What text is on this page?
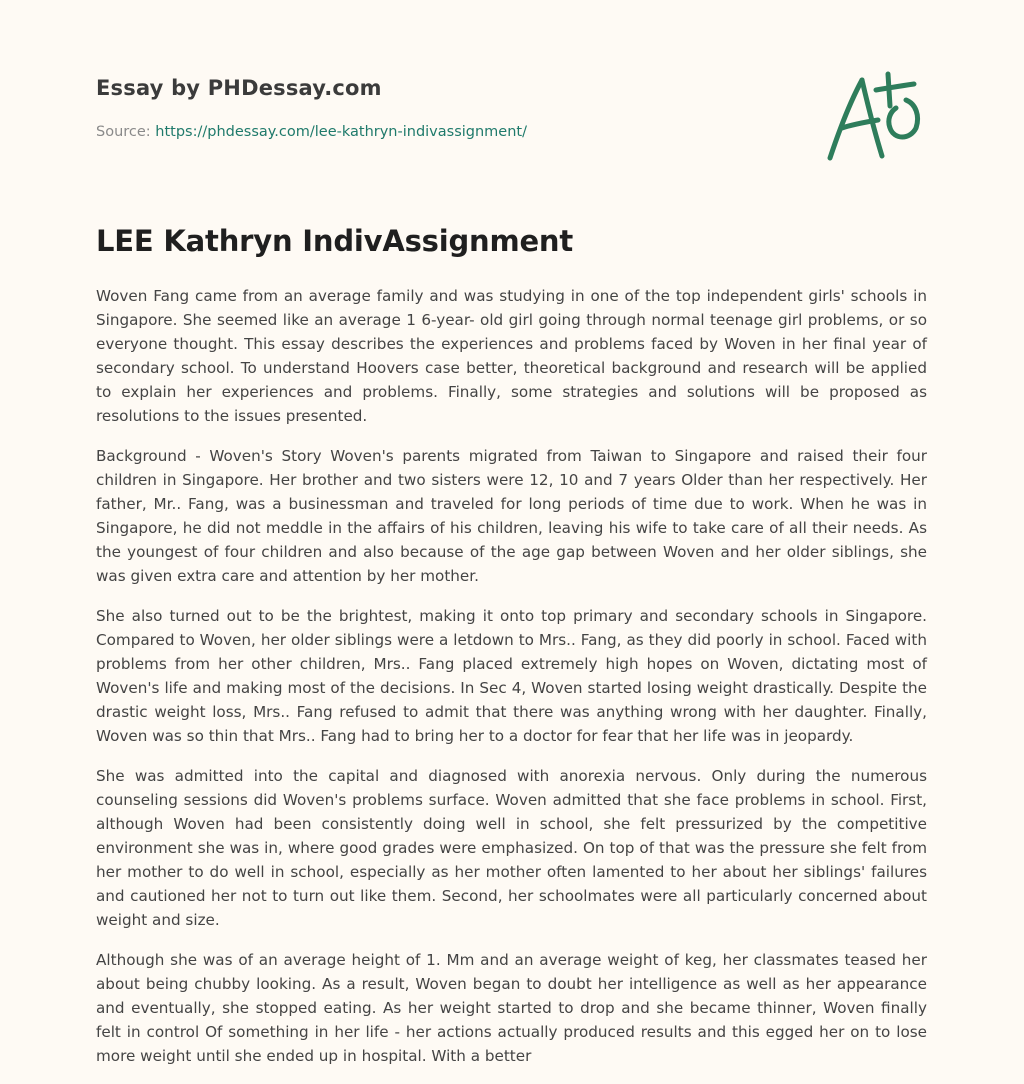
Essay by PHDessay.com
Source: https://phdessay.com/lee-kathryn-indivassignment/
LEE Kathryn IndivAssignment

Woven Fang came from an average family and was studying in one of the top independent girls' schools in Singapore. She seemed like an average 1 6-year- old girl going through normal teenage girl problems, or so everyone thought. This essay describes the experiences and problems faced by Woven in her final year of secondary school. To understand Hoovers case better, theoretical background and research will be applied to explain her experiences and problems. Finally, some strategies and solutions will be proposed as resolutions to the issues presented.

Background - Woven's Story Woven's parents migrated from Taiwan to Singapore and raised their four children in Singapore. Her brother and two sisters were 12, 10 and 7 years Older than her respectively. Her father, Mr.. Fang, was a businessman and traveled for long periods of time due to work. When he was in Singapore, he did not meddle in the affairs of his children, leaving his wife to take care of all their needs. As the youngest of four children and also because of the age gap between Woven and her older siblings, she was given extra care and attention by her mother.

She also turned out to be the brightest, making it onto top primary and secondary schools in Singapore. Compared to Woven, her older siblings were a letdown to Mrs.. Fang, as they did poorly in school. Faced with problems from her other children, Mrs.. Fang placed extremely high hopes on Woven, dictating most of Woven's life and making most of the decisions. In Sec 4, Woven started losing weight drastically. Despite the drastic weight loss, Mrs.. Fang refused to admit that there was anything wrong with her daughter. Finally, Woven was so thin that Mrs.. Fang had to bring her to a doctor for fear that her life was in jeopardy.

She was admitted into the capital and diagnosed with anorexia nervous. Only during the numerous counseling sessions did Woven's problems surface. Woven admitted that she face problems in school. First, although Woven had been consistently doing well in school, she felt pressurized by the competitive environment she was in, where good grades were emphasized. On top of that was the pressure she felt from her mother to do well in school, especially as her mother often lamented to her about her siblings' failures and cautioned her not to turn out like them. Second, her schoolmates were all particularly concerned about weight and size.

Although she was of an average height of 1. Mm and an average weight of keg, her classmates teased her about being chubby looking. As a result, Woven began to doubt her intelligence as well as her appearance and eventually, she stopped eating. As her weight started to drop and she became thinner, Woven finally felt in control Of something in her life - her actions actually produced results and this egged her on to lose more weight until she ended up in hospital. With a better
